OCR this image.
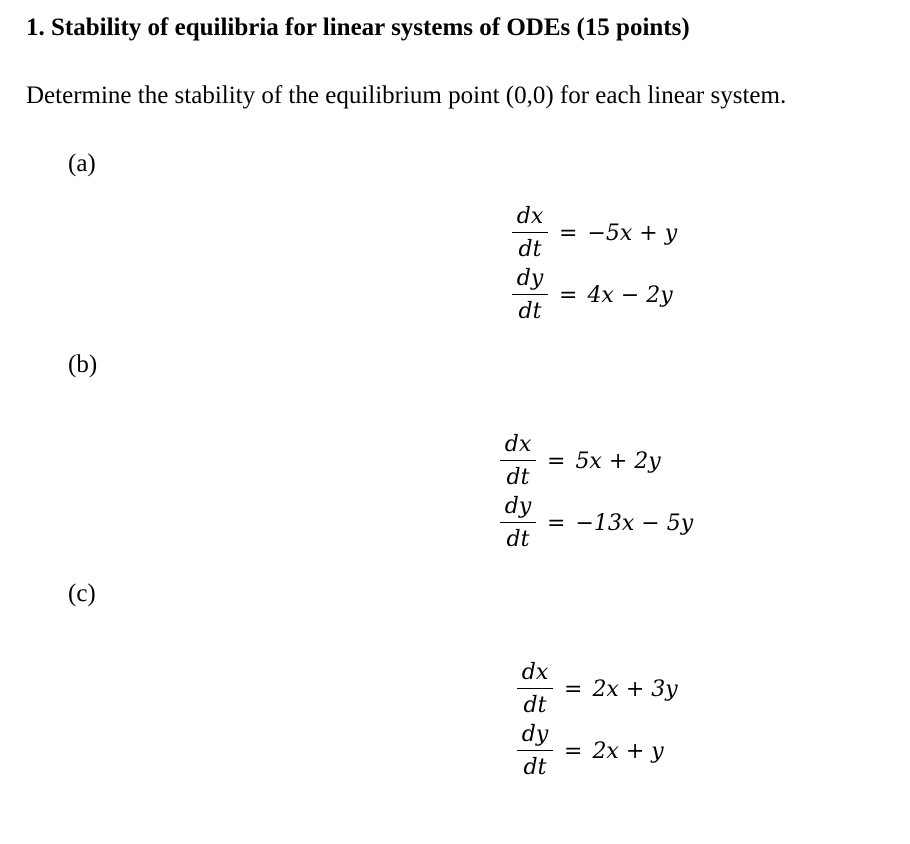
1. Stability of equilibria for linear systems of ODEs (15 points)
Determine the stability of the equilibrium point (0,0) for each linear system.
(a)
dx
dt
= −5x + y
dy
dt
= 4x − 2y
(b)
dx
dt
= 5x + 2y
dy
dt
= −13x − 5y
(c)
dx
dt
= 2x + 3y
dy
dt
= 2x + y
